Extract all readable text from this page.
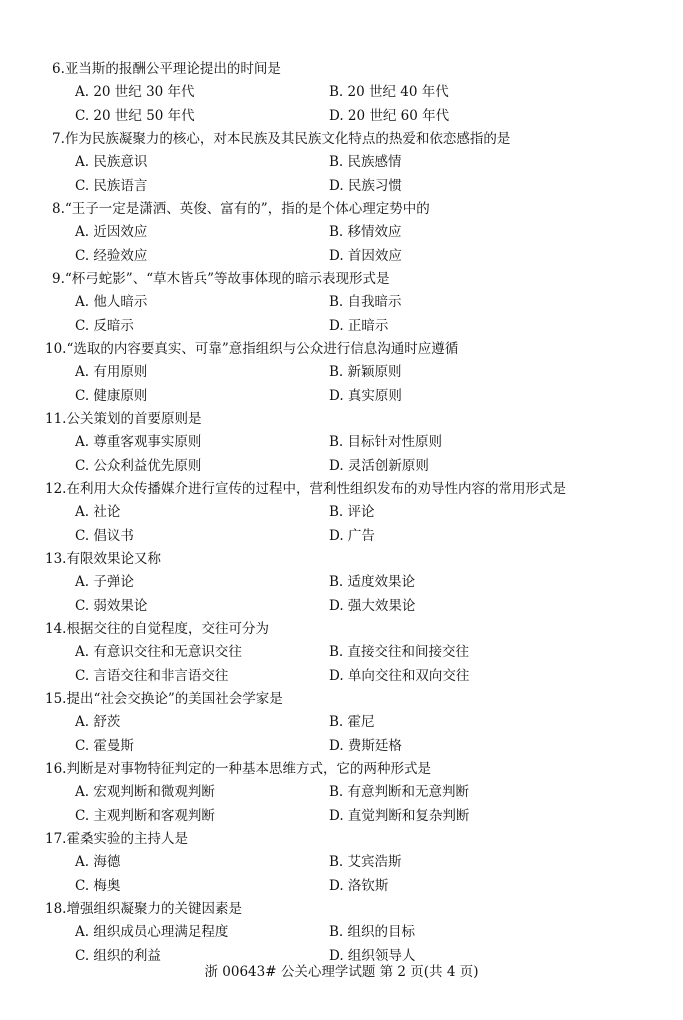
6.亚当斯的报酬公平理论提出的时间是
A. 20 世纪 30 年代	B. 20 世纪 40 年代
C. 20 世纪 50 年代	D. 20 世纪 60 年代
7.作为民族凝聚力的核心，对本民族及其民族文化特点的热爱和依恋感指的是
A. 民族意识	B. 民族感情
C. 民族语言	D. 民族习惯
8.“王子一定是潇洒、英俊、富有的”，指的是个体心理定势中的
A. 近因效应	B. 移情效应
C. 经验效应	D. 首因效应
9.“杯弓蛇影”、“草木皆兵”等故事体现的暗示表现形式是
A. 他人暗示	B. 自我暗示
C. 反暗示	D. 正暗示
10.“选取的内容要真实、可靠”意指组织与公众进行信息沟通时应遵循
A. 有用原则	B. 新颖原则
C. 健康原则	D. 真实原则
11.公关策划的首要原则是
A. 尊重客观事实原则	B. 目标针对性原则
C. 公众利益优先原则	D. 灵活创新原则
12.在利用大众传播媒介进行宣传的过程中，营利性组织发布的劝导性内容的常用形式是
A. 社论	B. 评论
C. 倡议书	D. 广告
13.有限效果论又称
A. 子弹论	B. 适度效果论
C. 弱效果论	D. 强大效果论
14.根据交往的自觉程度，交往可分为
A. 有意识交往和无意识交往	B. 直接交往和间接交往
C. 言语交往和非言语交往	D. 单向交往和双向交往
15.提出“社会交换论”的美国社会学家是
A. 舒茨	B. 霍尼
C. 霍曼斯	D. 费斯廷格
16.判断是对事物特征判定的一种基本思维方式，它的两种形式是
A. 宏观判断和微观判断	B. 有意判断和无意判断
C. 主观判断和客观判断	D. 直觉判断和复杂判断
17.霍桑实验的主持人是
A. 海德	B. 艾宾浩斯
C. 梅奥	D. 洛钦斯
18.增强组织凝聚力的关键因素是
A. 组织成员心理满足程度	B. 组织的目标
C. 组织的利益	D. 组织领导人
浙 00643# 公关心理学试题 第 2 页(共 4 页)
